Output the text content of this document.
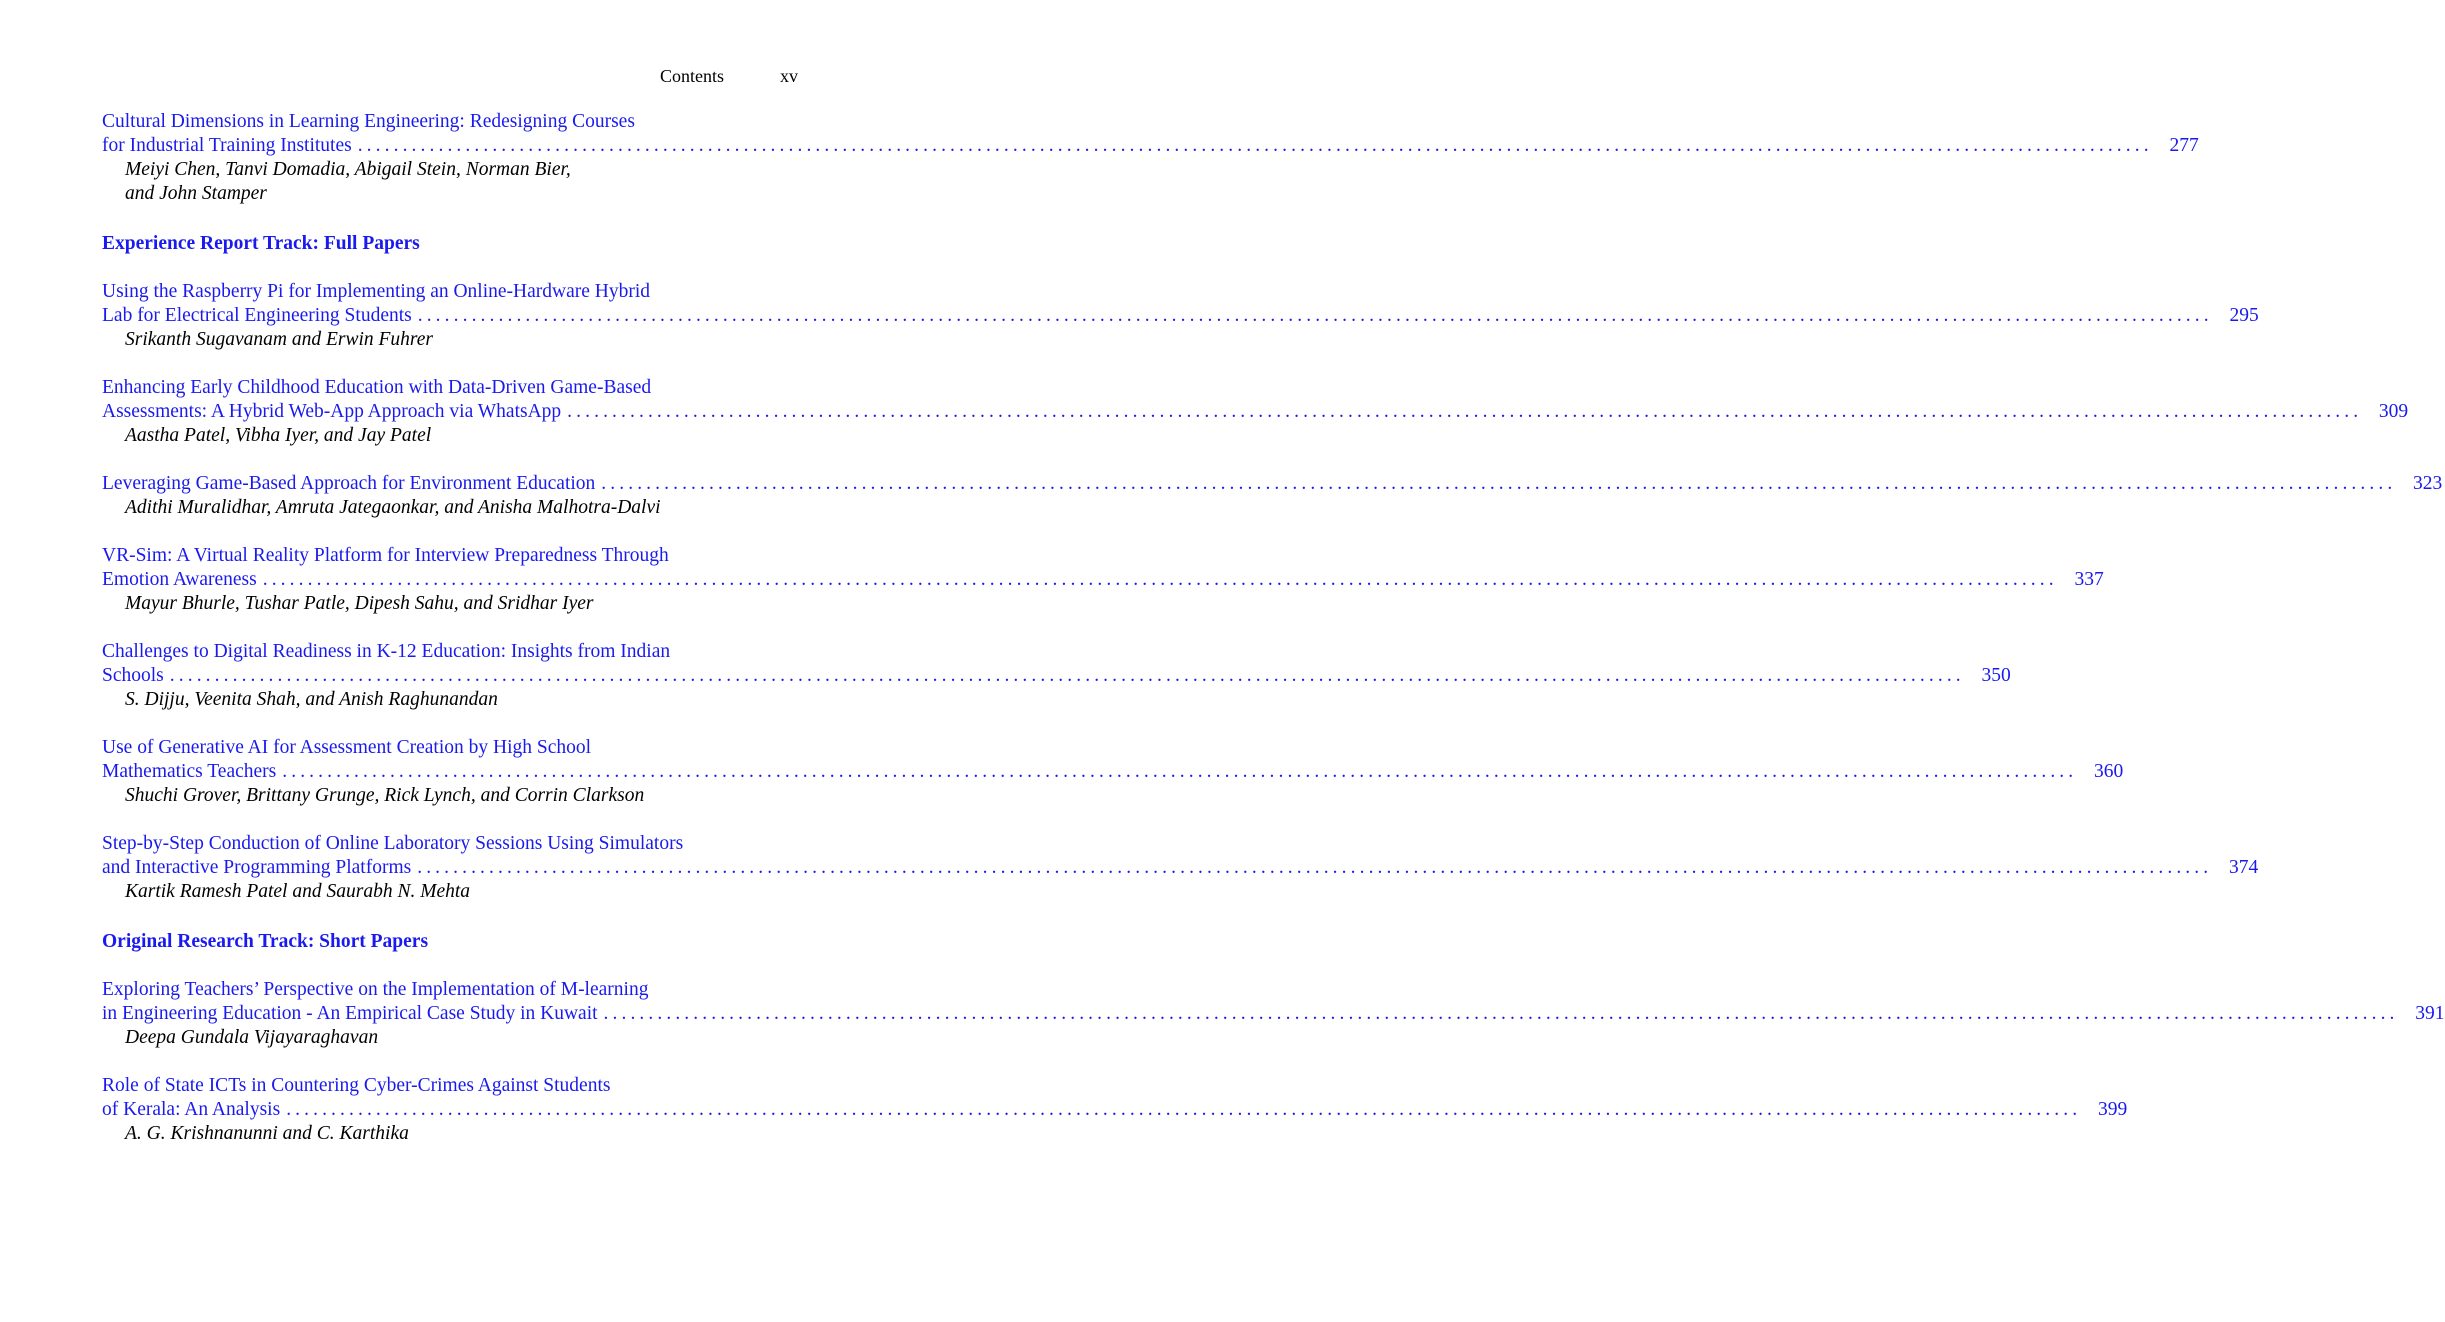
Contents	xv
Cultural Dimensions in Learning Engineering: Redesigning Courses
for Industrial Training Institutes ........................................................................................................................................................................................................ 277
Meiyi Chen, Tanvi Domadia, Abigail Stein, Norman Bier,
and John Stamper
Experience Report Track: Full Papers
Using the Raspberry Pi for Implementing an Online-Hardware Hybrid
Lab for Electrical Engineering Students ........................................................................................................................................................................................................ 295
Srikanth Sugavanam and Erwin Fuhrer
Enhancing Early Childhood Education with Data-Driven Game-Based
Assessments: A Hybrid Web-App Approach via WhatsApp ........................................................................................................................................................................................................ 309
Aastha Patel, Vibha Iyer, and Jay Patel
Leveraging Game-Based Approach for Environment Education ........................................................................................................................................................................................................ 323
Adithi Muralidhar, Amruta Jategaonkar, and Anisha Malhotra-Dalvi
VR-Sim: A Virtual Reality Platform for Interview Preparedness Through
Emotion Awareness ........................................................................................................................................................................................................ 337
Mayur Bhurle, Tushar Patle, Dipesh Sahu, and Sridhar Iyer
Challenges to Digital Readiness in K-12 Education: Insights from Indian
Schools ........................................................................................................................................................................................................ 350
S. Dijju, Veenita Shah, and Anish Raghunandan
Use of Generative AI for Assessment Creation by High School
Mathematics Teachers ........................................................................................................................................................................................................ 360
Shuchi Grover, Brittany Grunge, Rick Lynch, and Corrin Clarkson
Step-by-Step Conduction of Online Laboratory Sessions Using Simulators
and Interactive Programming Platforms ........................................................................................................................................................................................................ 374
Kartik Ramesh Patel and Saurabh N. Mehta
Original Research Track: Short Papers
Exploring Teachers’ Perspective on the Implementation of M-learning
in Engineering Education - An Empirical Case Study in Kuwait ........................................................................................................................................................................................................ 391
Deepa Gundala Vijayaraghavan
Role of State ICTs in Countering Cyber-Crimes Against Students
of Kerala: An Analysis ........................................................................................................................................................................................................ 399
A. G. Krishnanunni and C. Karthika
